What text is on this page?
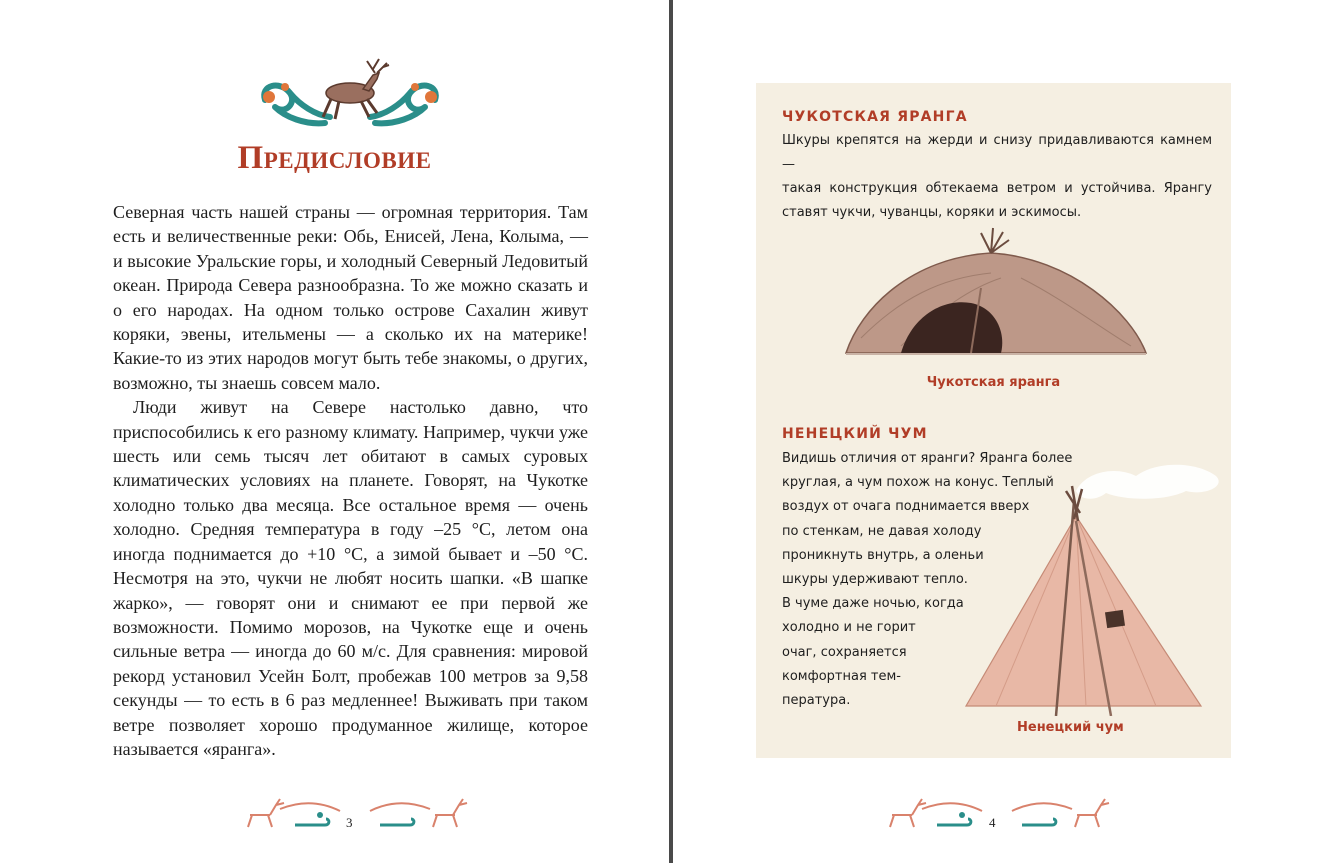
Предисловие

Северная часть нашей страны — огромная территория. Там есть и величественные реки: Обь, Енисей, Лена, Колыма, — и высокие Уральские горы, и холодный Северный Ледовитый океан. Природа Севера разнообразна. То же можно сказать и о его народах. На одном только острове Сахалин живут коряки, эвены, ительмены — а сколько их на материке! Какие-то из этих народов могут быть тебе знакомы, о других, возможно, ты знаешь совсем мало.

Люди живут на Севере настолько давно, что приспособились к его разному климату. Например, чукчи уже шесть или семь тысяч лет обитают в самых суровых климатических условиях на планете. Говорят, на Чукотке холодно только два месяца. Все остальное время — очень холодно. Средняя температура в году –25 °С, летом она иногда поднимается до +10 °С, а зимой бывает и –50 °С. Несмотря на это, чукчи не любят носить шапки. «В шапке жарко», — говорят они и снимают ее при первой же возможности. Помимо морозов, на Чукотке еще и очень сильные ветра — иногда до 60 м/с. Для сравнения: мировой рекорд установил Усейн Болт, пробежав 100 метров за 9,58 секунды — то есть в 6 раз медленнее! Выживать при таком ветре позволяет хорошо продуманное жилище, которое называется «яранга».

3
ЧУКОТСКАЯ ЯРАНГА
Шкуры крепятся на жерди и снизу придавливаются камнем —
такая конструкция обтекаема ветром и устойчива. Ярангу
ставят чукчи, чуванцы, коряки и эскимосы.
Чукотская яранга
НЕНЕЦКИЙ ЧУМ
Видишь отличия от яранги? Яранга более
круглая, а чум похож на конус. Теплый
воздух от очага поднимается вверх
по стенкам, не давая холоду
проникнуть внутрь, а оленьи
шкуры удерживают тепло.
В чуме даже ночью, когда
холодно и не горит
очаг, сохраняется
комфортная тем-
пература.
Ненецкий чум
4
